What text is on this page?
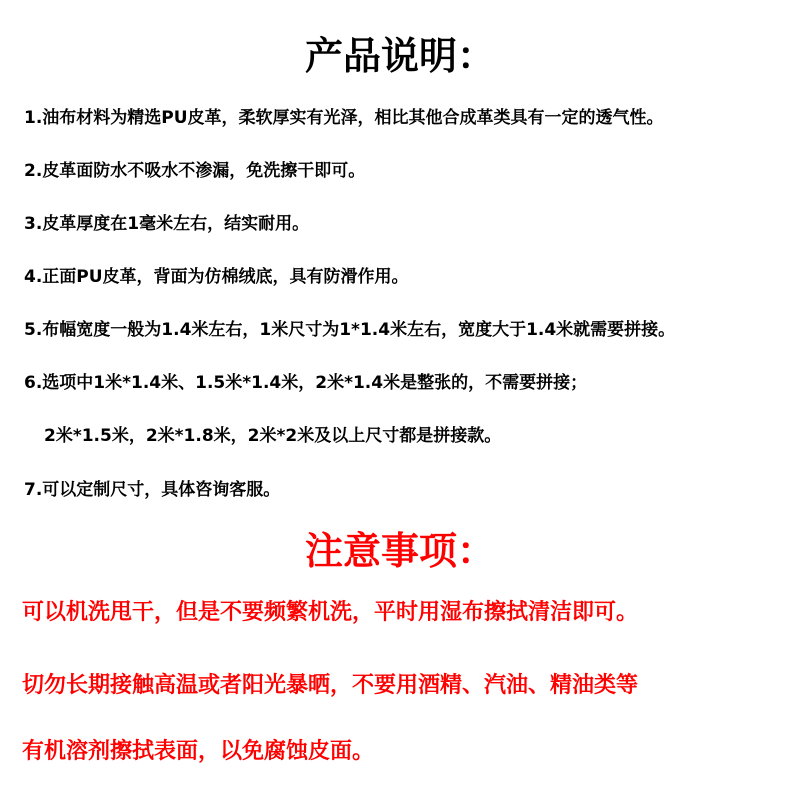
产品说明：
1.油布材料为精选PU皮革，柔软厚实有光泽，相比其他合成革类具有一定的透气性。
2.皮革面防水不吸水不渗漏，免洗擦干即可。
3.皮革厚度在1毫米左右，结实耐用。
4.正面PU皮革，背面为仿棉绒底，具有防滑作用。
5.布幅宽度一般为1.4米左右，1米尺寸为1*1.4米左右，宽度大于1.4米就需要拼接。
6.选项中1米*1.4米、1.5米*1.4米，2米*1.4米是整张的，不需要拼接；
2米*1.5米，2米*1.8米，2米*2米及以上尺寸都是拼接款。
7.可以定制尺寸，具体咨询客服。
注意事项：
可以机洗甩干，但是不要频繁机洗，平时用湿布擦拭清洁即可。
切勿长期接触高温或者阳光暴晒，不要用酒精、汽油、精油类等
有机溶剂擦拭表面，以免腐蚀皮面。
